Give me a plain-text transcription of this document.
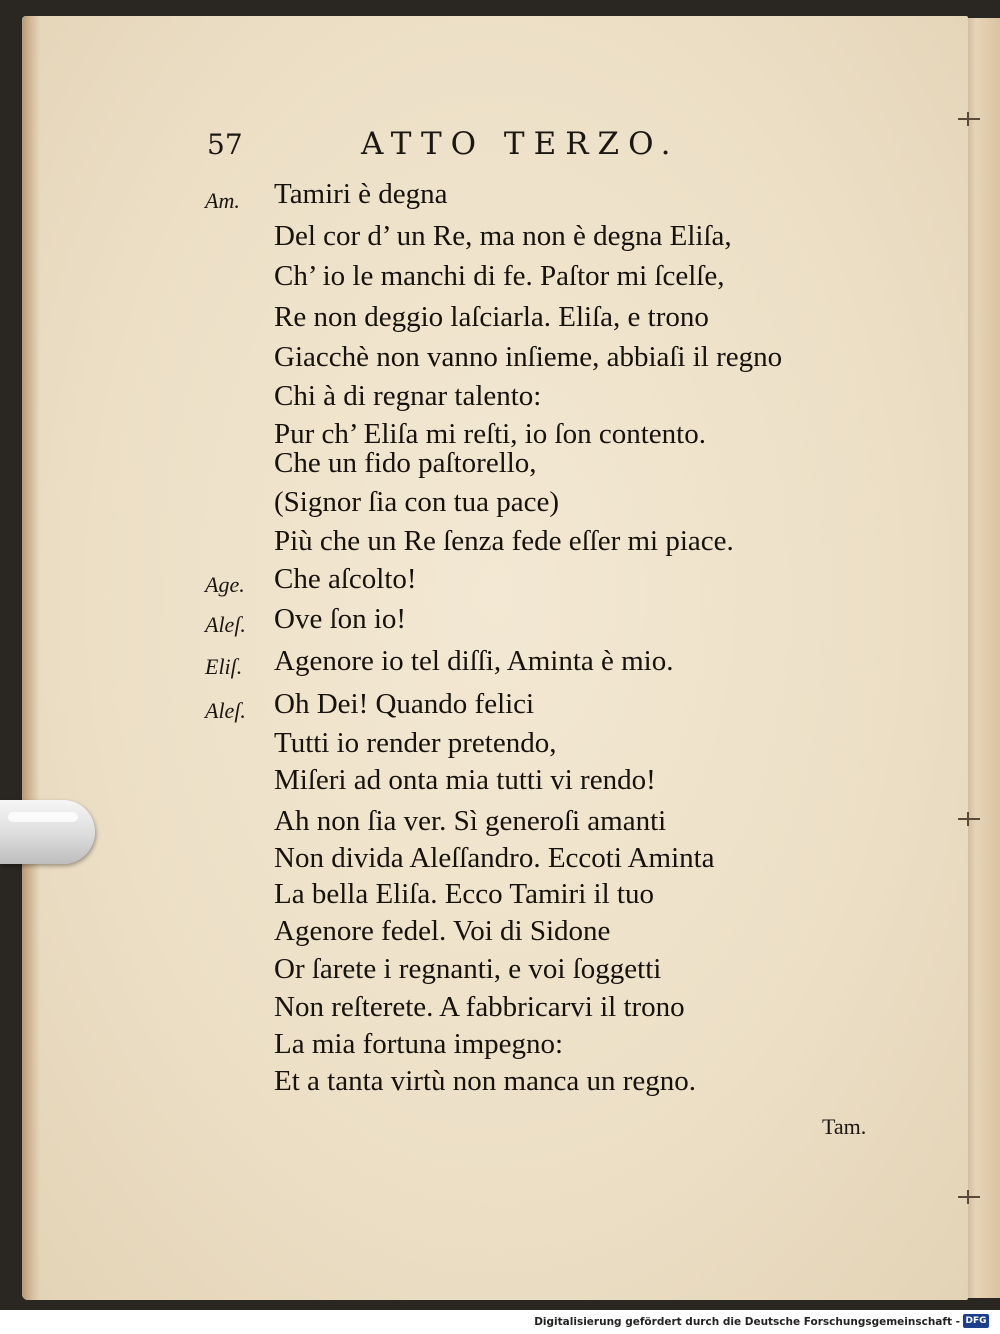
57	ATTO TERZO.
Am. Tamiri è degna
Del cor d’ un Re, ma non è degna Eliſa,
Ch’ io le manchi di fe. Paſtor mi ſcelſe,
Re non deggio laſciarla. Eliſa, e trono
Giacchè non vanno inſieme, abbiaſi il regno
Chi à di regnar talento:
Pur ch’ Eliſa mi reſti, io ſon contento.
Che un fido paſtorello,
(Signor ſia con tua pace)
Più che un Re ſenza fede eſſer mi piace.
Age. Che aſcolto!
Aleſ. Ove ſon io!
Eliſ. Agenore io tel diſſi, Aminta è mio.
Aleſ. Oh Dei! Quando felici
Tutti io render pretendo,
Miſeri ad onta mia tutti vi rendo!
Ah non ſia ver. Sì generoſi amanti
Non divida Aleſſandro. Eccoti Aminta
La bella Eliſa. Ecco Tamiri il tuo
Agenore fedel. Voi di Sidone
Or ſarete i regnanti, e voi ſoggetti
Non reſterete. A fabbricarvi il trono
La mia fortuna impegno:
Et a tanta virtù non manca un regno.
Tam.
Digitalisierung gefördert durch die Deutsche Forschungsgemeinschaft - DFG
